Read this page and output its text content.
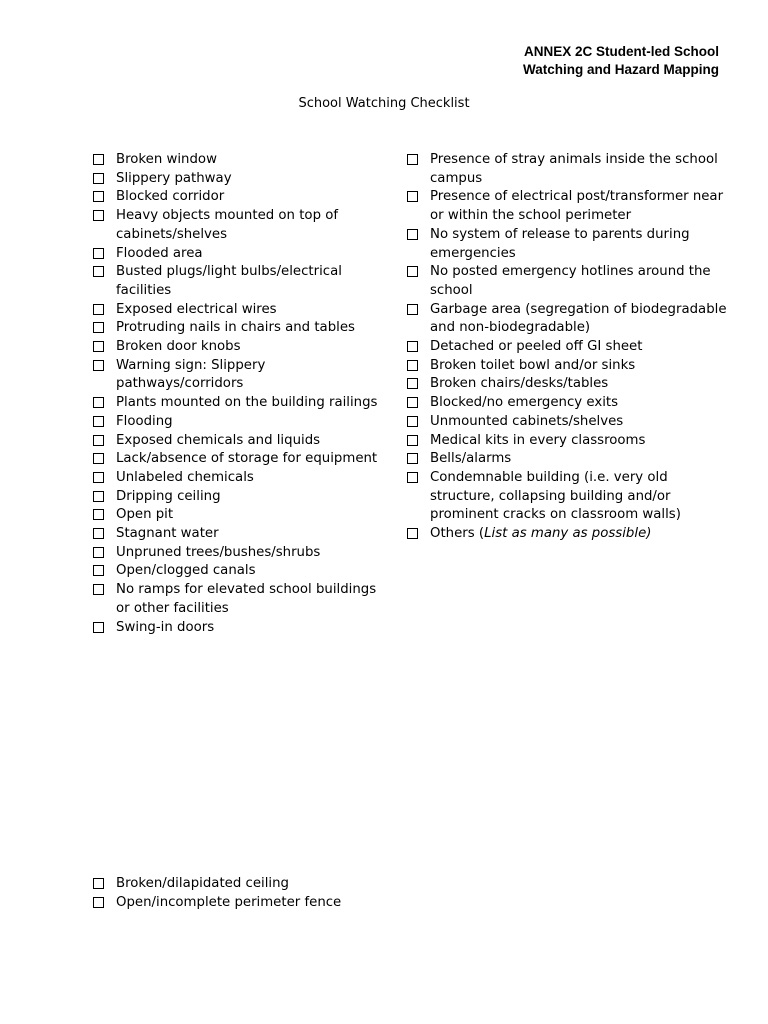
ANNEX 2C Student-led School
Watching and Hazard Mapping
School Watching Checklist
Broken window
Slippery pathway
Blocked corridor
Heavy objects mounted on top of cabinets/shelves
Flooded area
Busted plugs/light bulbs/electrical facilities
Exposed electrical wires
Protruding nails in chairs and tables
Broken door knobs
Warning sign: Slippery pathways/corridors
Plants mounted on the building railings
Flooding
Exposed chemicals and liquids
Lack/absence of storage for equipment
Unlabeled chemicals
Dripping ceiling
Open pit
Stagnant water
Unpruned trees/bushes/shrubs
Open/clogged canals
No ramps for elevated school buildings or other facilities
Swing-in doors
Presence of stray animals inside the school campus
Presence of electrical post/transformer near or within the school perimeter
No system of release to parents during emergencies
No posted emergency hotlines around the school
Garbage area (segregation of biodegradable and non-biodegradable)
Detached or peeled off GI sheet
Broken toilet bowl and/or sinks
Broken chairs/desks/tables
Blocked/no emergency exits
Unmounted cabinets/shelves
Medical kits in every classrooms
Bells/alarms
Condemnable building (i.e. very old structure, collapsing building and/or prominent cracks on classroom walls)
Others (List as many as possible)
Broken/dilapidated ceiling
Open/incomplete perimeter fence
